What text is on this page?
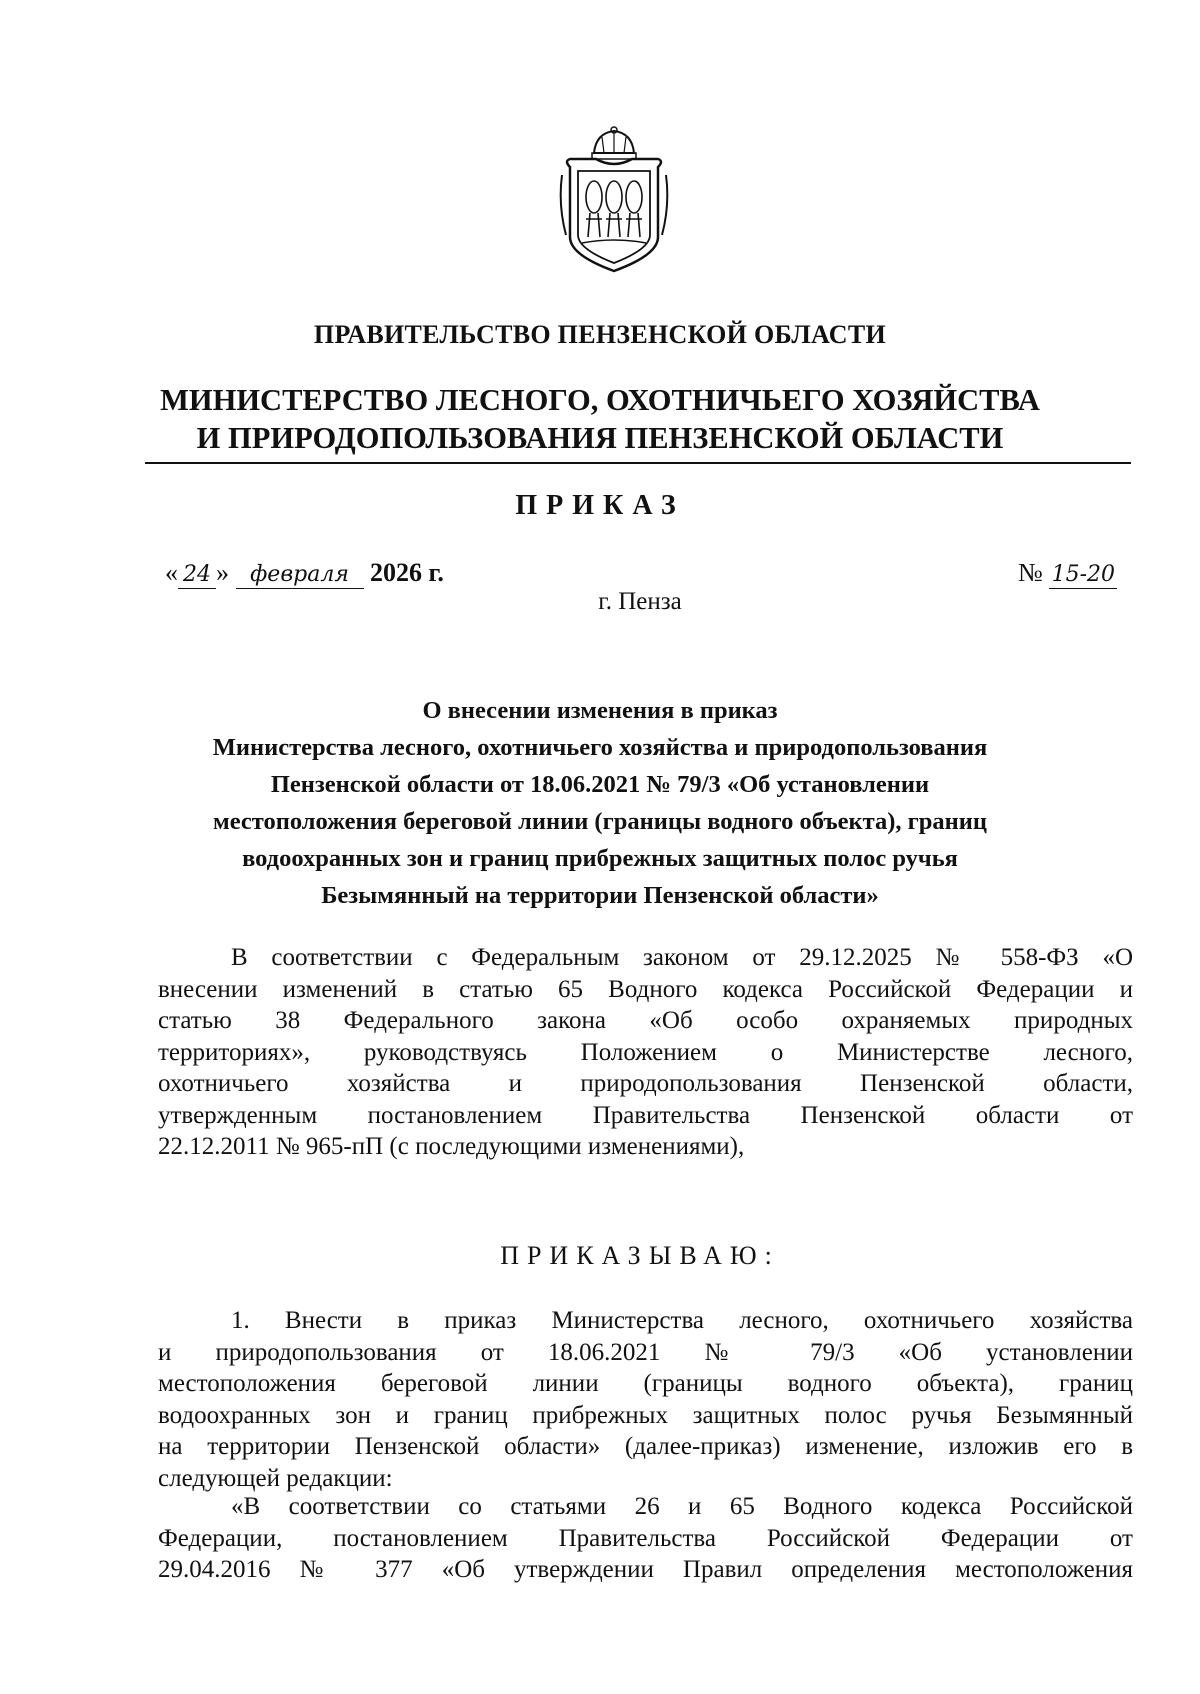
ПРАВИТЕЛЬСТВО ПЕНЗЕНСКОЙ ОБЛАСТИ
МИНИСТЕРСТВО ЛЕСНОГО, ОХОТНИЧЬЕГО ХОЗЯЙСТВА
И ПРИРОДОПОЛЬЗОВАНИЯ ПЕНЗЕНСКОЙ ОБЛАСТИ
ПРИКАЗ
« 24 » февраля 2026 г.	№ 15-20
г. Пенза
О внесении изменения в приказ
Министерства лесного, охотничьего хозяйства и природопользования
Пензенской области от 18.06.2021 № 79/3 «Об установлении
местоположения береговой линии (границы водного объекта), границ
водоохранных зон и границ прибрежных защитных полос ручья
Безымянный на территории Пензенской области»
В соответствии с Федеральным законом от 29.12.2025 № 558-ФЗ «О
внесении изменений в статью 65 Водного кодекса Российской Федерации и
статью 38 Федерального закона «Об особо охраняемых природных
территориях», руководствуясь Положением о Министерстве лесного,
охотничьего хозяйства и природопользования Пензенской области,
утвержденным постановлением Правительства Пензенской области от
22.12.2011 № 965-пП (с последующими изменениями),
ПРИКАЗЫВАЮ:
1. Внести в приказ Министерства лесного, охотничьего хозяйства
и природопользования от 18.06.2021 № 79/3 «Об установлении
местоположения береговой линии (границы водного объекта), границ
водоохранных зон и границ прибрежных защитных полос ручья Безымянный
на территории Пензенской области» (далее-приказ) изменение, изложив его в
следующей редакции:
«В соответствии со статьями 26 и 65 Водного кодекса Российской
Федерации, постановлением Правительства Российской Федерации от
29.04.2016 № 377 «Об утверждении Правил определения местоположения
